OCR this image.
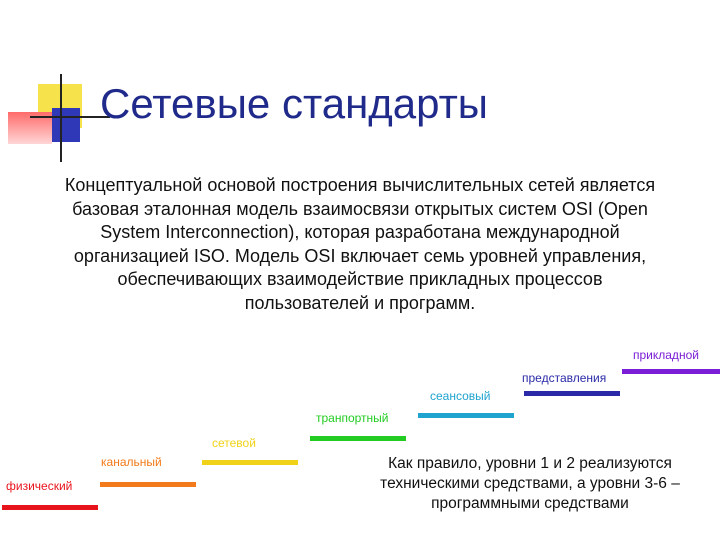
Сетевые стандарты
Концептуальной основой построения вычислительных сетей является базовая эталонная модель взаимосвязи открытых систем OSI (Open System Interconnection), которая разработана международной организацией ISO. Модель OSI включает семь уровней управления, обеспечивающих взаимодействие прикладных процессов пользователей и программ.
физический
канальный
сетевой
транпортный
сеансовый
представления
прикладной
Как правило, уровни 1 и 2 реализуются техническими средствами, а уровни 3-6 – программными средствами
